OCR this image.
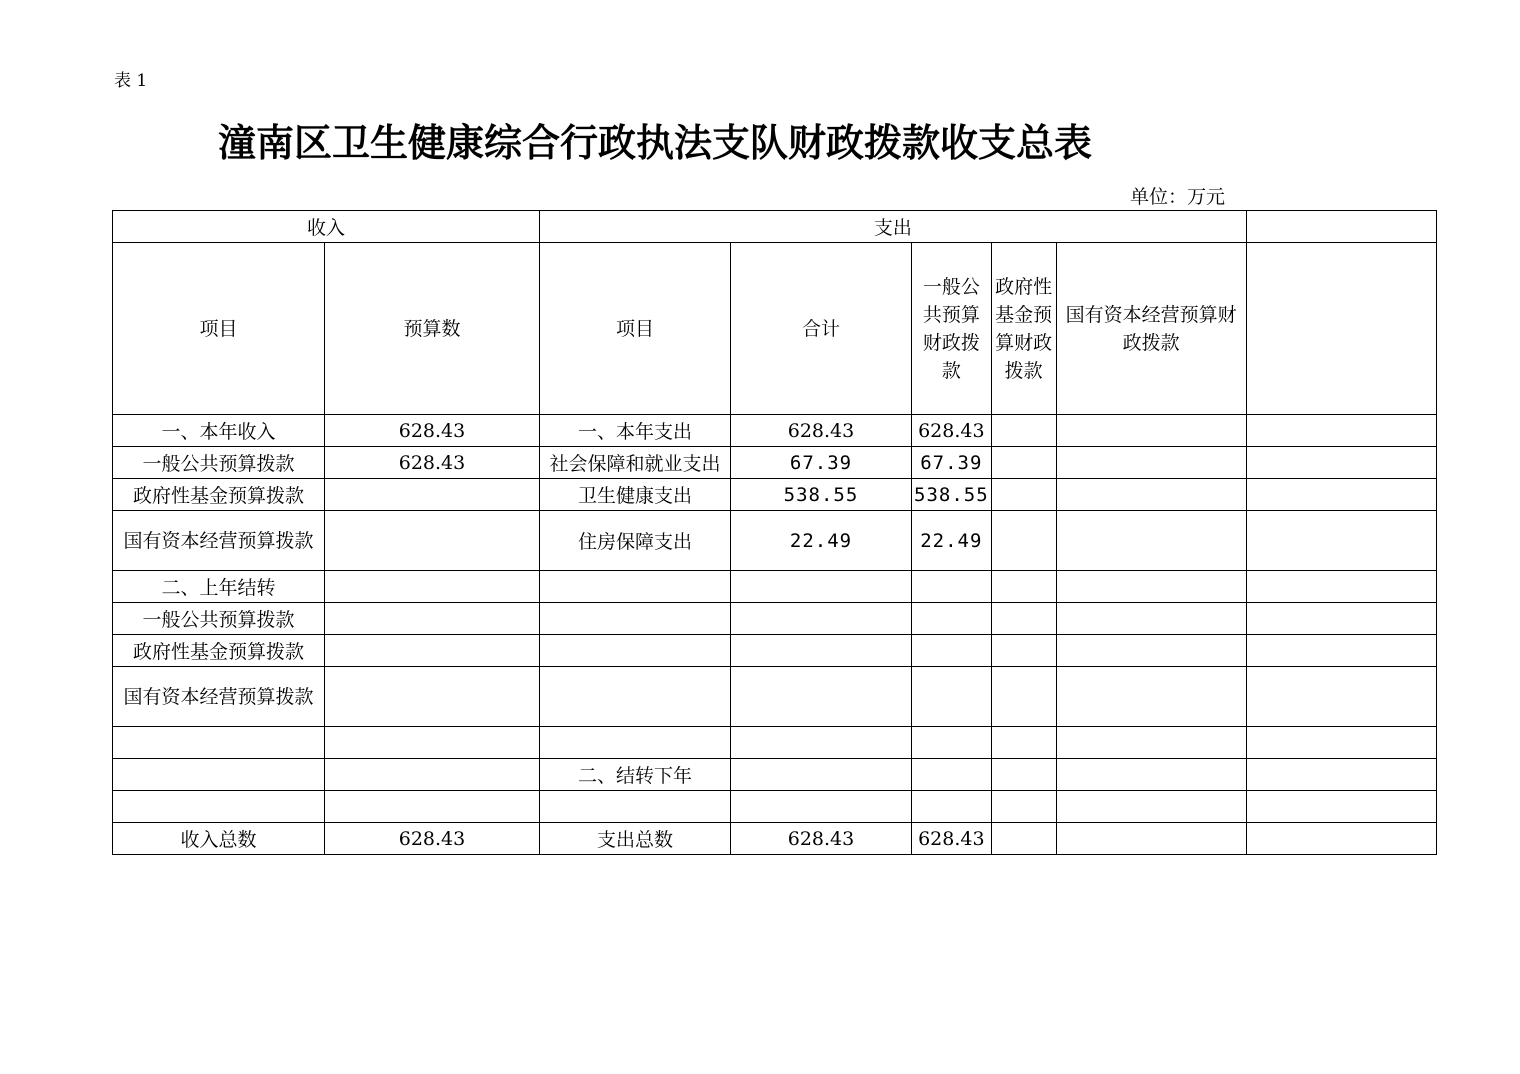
表 1
潼南区卫生健康综合行政执法支队财政拨款收支总表
单位：万元
收入		支出					
项目	预算数	项目	合计	一般公共预算财政拨款	政府性基金预算财政拨款	国有资本经营预算财政拨款	
一、本年收入	628.43	一、本年支出	628.43	628.43			
一般公共预算拨款	628.43	社会保障和就业支出	67.39	67.39			
政府性基金预算拨款		卫生健康支出	538.55	538.55			

国有资本经营预算拨款		住房保障支出	22.49	22.49			
二、上年结转							
一般公共预算拨款							
政府性基金预算拨款							

国有资本经营预算拨款							

		二、结转下年					

收入总数	628.43	支出总数	628.43	628.43			
